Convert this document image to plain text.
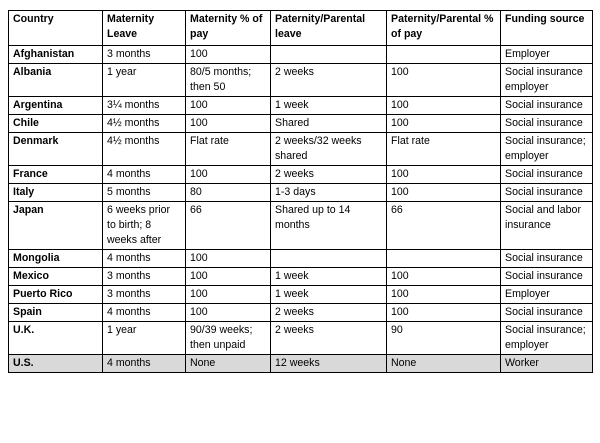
Country	Maternity Leave	Maternity % of pay	Paternity/Parental leave	Paternity/Parental % of pay	Funding source
Afghanistan	3 months	100			Employer
Albania	1 year	80/5 months; then 50	2 weeks	100	Social insurance employer
Argentina	3¼ months	100	1 week	100	Social insurance
Chile	4½ months	100	Shared	100	Social insurance
Denmark	4½ months	Flat rate	2 weeks/32 weeks shared	Flat rate	Social insurance; employer
France	4 months	100	2 weeks	100	Social insurance
Italy	5 months	80	1-3 days	100	Social insurance
Japan	6 weeks prior to birth; 8 weeks after	66	Shared up to 14 months	66	Social and labor insurance
Mongolia	4 months	100			Social insurance
Mexico	3 months	100	1 week	100	Social insurance
Puerto Rico	3 months	100	1 week	100	Employer
Spain	4 months	100	2 weeks	100	Social insurance
U.K.	1 year	90/39 weeks; then unpaid	2 weeks	90	Social insurance; employer
U.S.	4 months	None	12 weeks	None	Worker
